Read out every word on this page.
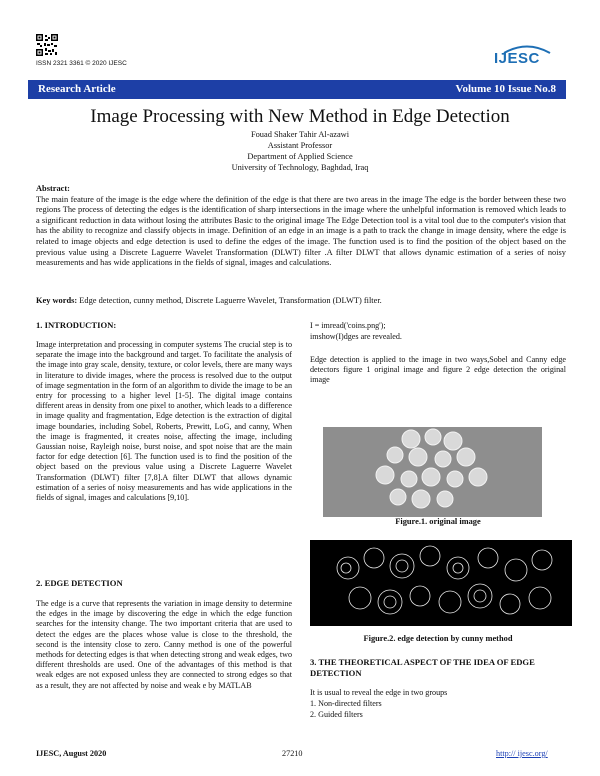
ISSN 2321 3361 © 2020 IJESC	IJESC
Research Article	Volume 10 Issue No.8
Image Processing with New Method in Edge Detection
Fouad Shaker Tahir Al-azawi
Assistant Professor
Department of Applied Science
University of Technology, Baghdad, Iraq
Abstract:
The main feature of the image is the edge where the definition of the edge is that there are two areas in the image The edge is the border between these two regions The process of detecting the edges is the identification of sharp intersections in the image where the unhelpful information is removed which leads to a significant reduction in data without losing the attributes Basic to the original image The Edge Detection tool is a vital tool due to the computer's vision that has the ability to recognize and classify objects in image. Definition of an edge in an image is a path to track the change in image density, where the edge is related to image objects and edge detection is used to define the edges of the image. The function used is to find the position of the object based on the previous value using a Discrete Laguerre Wavelet Transformation (DLWT) filter .A filter DLWT that allows dynamic estimation of a series of noisy measurements and has wide applications in the fields of signal, images and calculations.
Key words: Edge detection, cunny method, Discrete Laguerre Wavelet, Transformation (DLWT) filter.
1. INTRODUCTION:
Image interpretation and processing in computer systems The crucial step is to separate the image into the background and target. To facilitate the analysis of the image into gray scale, density, texture, or color levels, there are many ways in literature to divide images, where the process is resolved due to the output of image segmentation in the form of an algorithm to divide the image to be an entry for processing to a higher level [1-5]. The digital image contains different areas in density from one pixel to another, which leads to a difference in image quality and fragmentation, Edge detection is the extraction of digital image boundaries, including Sobel, Roberts, Prewitt, LoG, and canny, When the image is fragmented, it creates noise, affecting the image, including Gaussian noise, Rayleigh noise, burst noise, and spot noise that are the main factor for edge detection [6]. The function used is to find the position of the object based on the previous value using a Discrete Laguerre Wavelet Transformation (DLWT) filter [7,8].A filter DLWT that allows dynamic estimation of a series of noisy measurements and has wide applications in the fields of signal, images and calculations [9,10].
2. EDGE DETECTION
The edge is a curve that represents the variation in image density to determine the edges in the image by discovering the edge in which the edge function searches for the intensity change. The two important criteria that are used to detect the edges are the places whose value is close to the threshold, the second is the intensity close to zero. Canny method is one of the powerful methods for detecting edges is that when detecting strong and weak edges, two different thresholds are used. One of the advantages of this method is that weak edges are not exposed unless they are connected to strong edges so that as a result, they are not affected by noise and weak e by MATLAB
I = imread('coins.png');
imshow(I)dges are revealed.
Edge detection is applied to the image in two ways,Sobel and Canny edge detectors figure 1 original image and figure 2 edge detection the original image
Figure.1. original image
Figure.2. edge detection by cunny method
3. THE THEORETICAL ASPECT OF THE IDEA OF EDGE DETECTION
It is usual to reveal the edge in two groups
1. Non-directed filters
2. Guided filters
IJESC, August 2020	27210	http:// ijesc.org/
